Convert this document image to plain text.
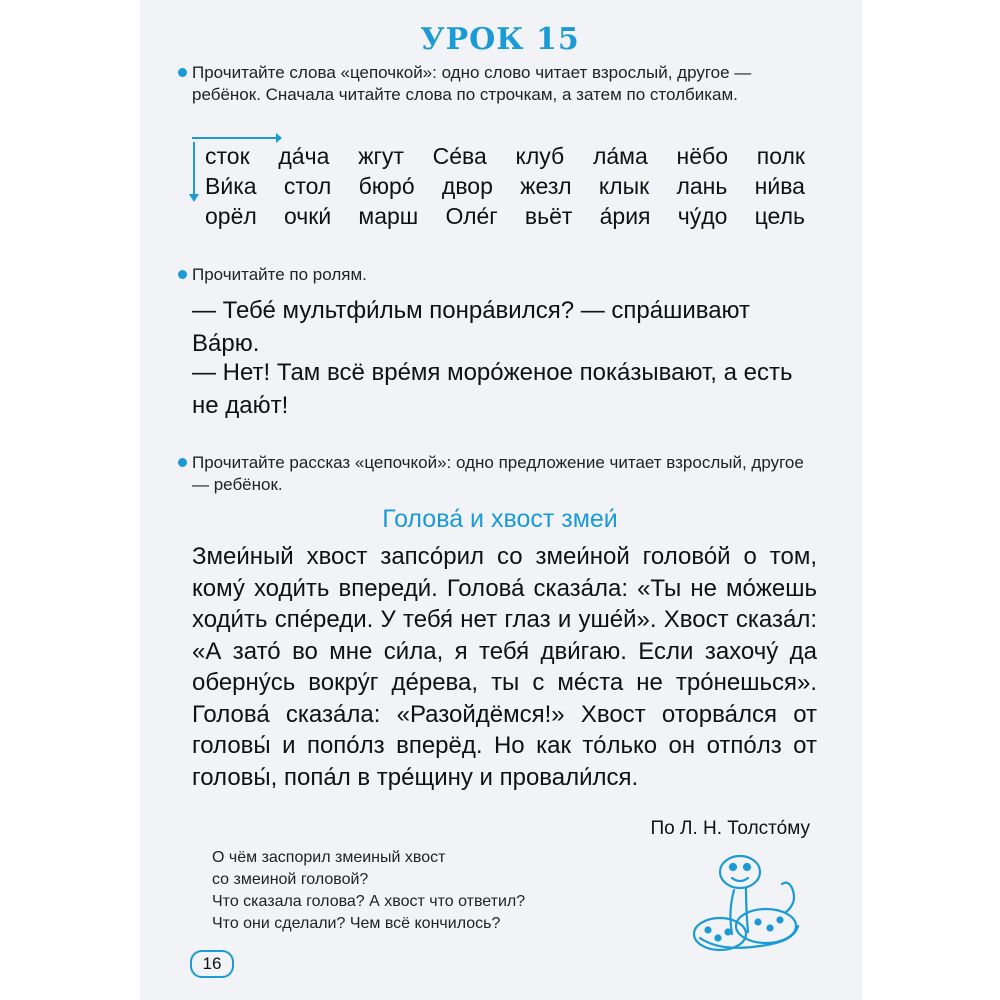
УРОК 15
Прочитайте слова «цепочкой»: одно слово читает взрослый, другое — ребёнок. Сначала читайте слова по строчкам, а затем по столбикам.
сток да́ча жгут Се́ва клуб ла́ма нёбо полк
Ви́ка стол бюро́ двор жезл клык лань ни́ва
орёл очки́ марш Оле́г вьёт а́рия чу́до цель
Прочитайте по ролям.
— Тебе́ мультфи́льм понра́вился? — спра́шивают Ва́рю.
— Нет! Там всё вре́мя моро́женое пока́зывают, а есть не даю́т!
Прочитайте рассказ «цепочкой»: одно предложение читает взрослый, другое — ребёнок.
Голова́ и хвост змеи́
Змеи́ный хвост запсо́рил со змеи́ной голово́й о том, кому́ ходи́ть впереди́. Голова́ сказа́ла: «Ты не мо́жешь ходи́ть спе́реди. У тебя́ нет глаз и уше́й». Хвост сказа́л: «А зато́ во мне си́ла, я тебя́ дви́гаю. Если захочу́ да оберну́сь вокру́г де́рева, ты с ме́ста не тро́нешься». Голова́ сказа́ла: «Разойдёмся!» Хвост оторва́лся от головы́ и попо́лз вперёд. Но как то́лько он отпо́лз от головы́, попа́л в тре́щину и провали́лся.
По Л. Н. Толсто́му
О чём заспорил змеиный хвост
со змеиной головой?
Что сказала голова? А хвост что ответил?
Что они сделали? Чем всё кончилось?
16
